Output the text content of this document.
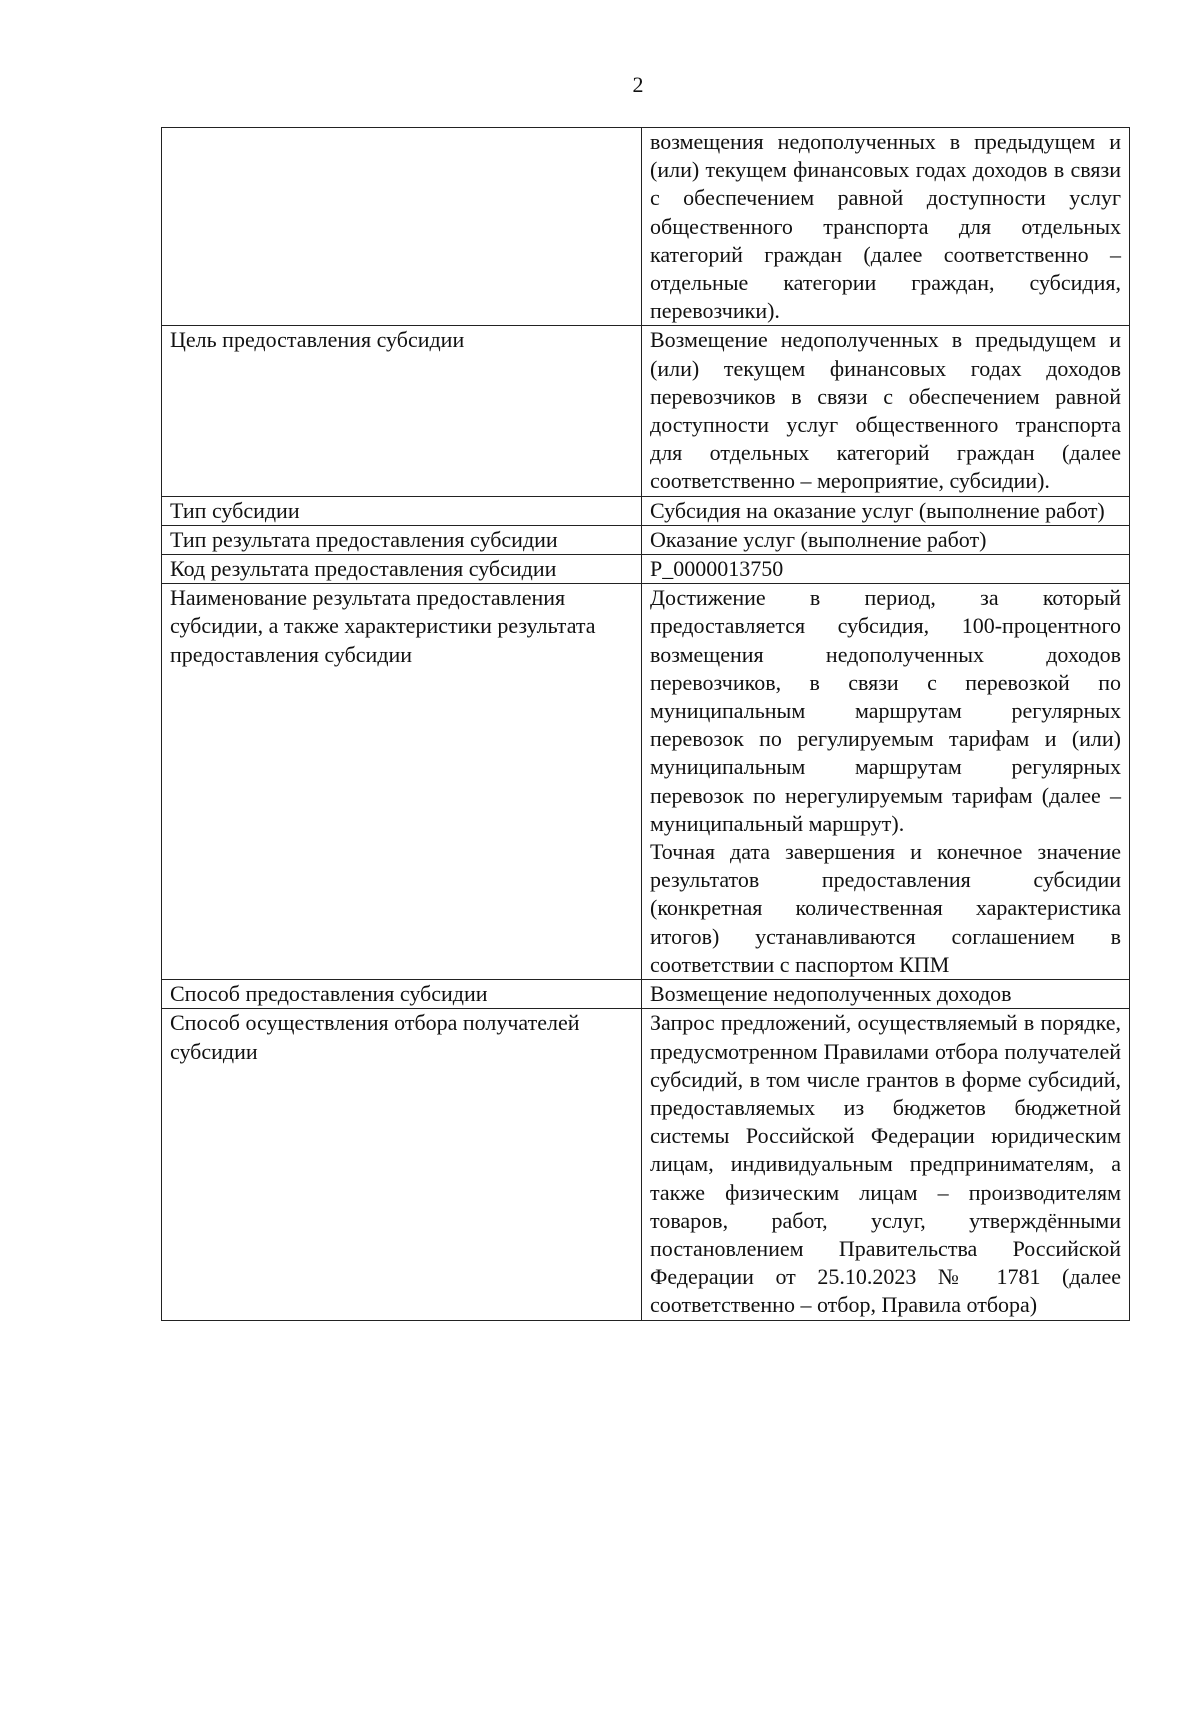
2

	возмещения недополученных в предыдущем и (или) текущем финансовых годах доходов в связи с обеспечением равной доступности услуг общественного транспорта для отдельных категорий граждан (далее соответственно – отдельные категории граждан, субсидия, перевозчики).

Цель предоставления субсидии	Возмещение недополученных в предыдущем и (или) текущем финансовых годах доходов перевозчиков в связи с обеспечением равной доступности услуг общественного транспорта для отдельных категорий граждан (далее соответственно – мероприятие, субсидии).

Тип субсидии	Субсидия на оказание услуг (выполнение работ)

Тип результата предоставления субсидии	Оказание услуг (выполнение работ)

Код результата предоставления субсидии	Р_0000013750

Наименование результата предоставления субсидии, а также характеристики результата предоставления субсидии	Достижение в период, за который предоставляется субсидия, 100-процентного возмещения недополученных доходов перевозчиков, в связи с перевозкой по муниципальным маршрутам регулярных перевозок по регулируемым тарифам и (или) муниципальным маршрутам регулярных перевозок по нерегулируемым тарифам (далее – муниципальный маршрут).
Точная дата завершения и конечное значение результатов предоставления субсидии (конкретная количественная характеристика итогов) устанавливаются соглашением в соответствии с паспортом КПМ

Способ предоставления субсидии	Возмещение недополученных доходов

Способ осуществления отбора получателей субсидии	Запрос предложений, осуществляемый в порядке, предусмотренном Правилами отбора получателей субсидий, в том числе грантов в форме субсидий, предоставляемых из бюджетов бюджетной системы Российской Федерации юридическим лицам, индивидуальным предпринимателям, а также физическим лицам – производителям товаров, работ, услуг, утверждёнными постановлением Правительства Российской Федерации от 25.10.2023 № 1781 (далее соответственно – отбор, Правила отбора)
